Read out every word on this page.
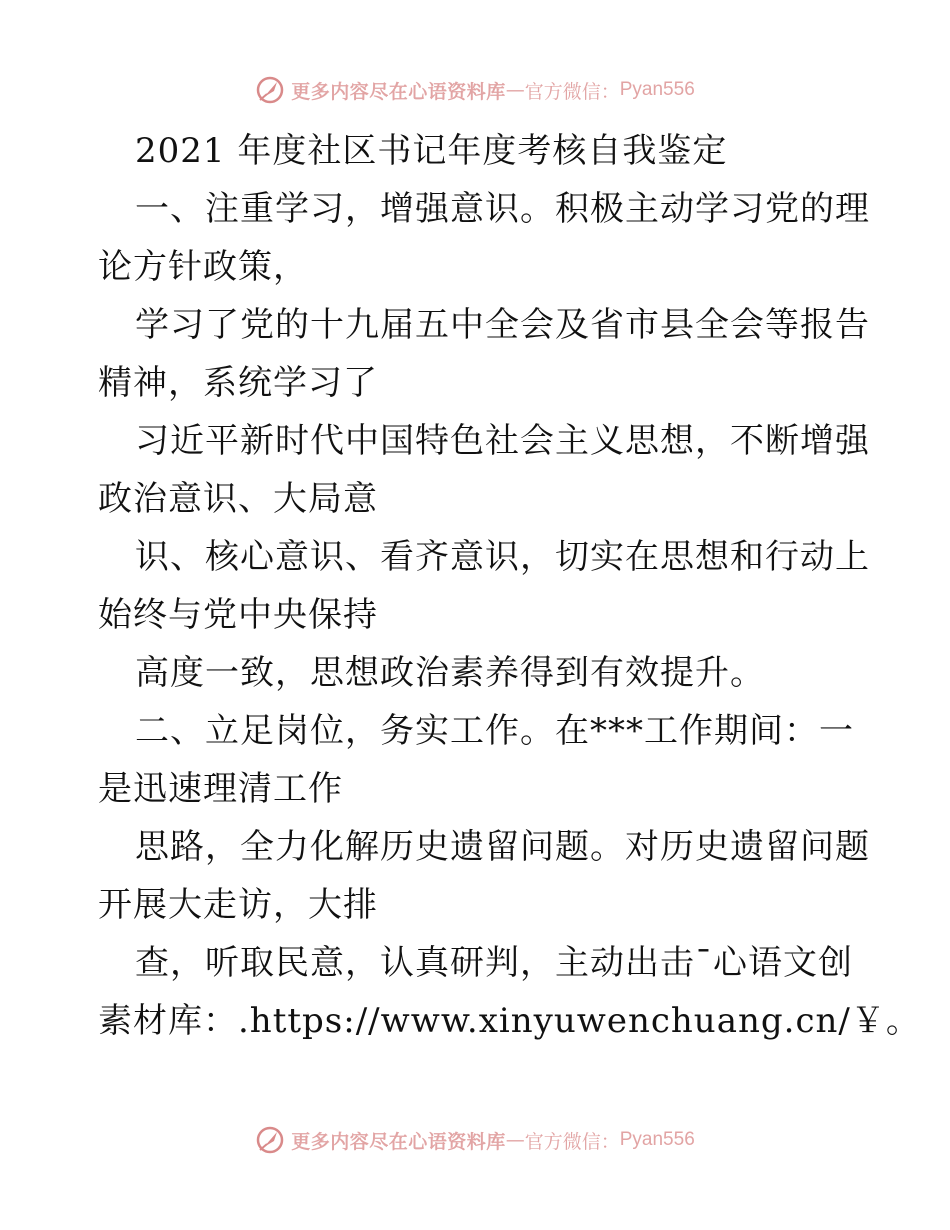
更多内容尽在心语资料库 — 官方微信： Pyan556
2021 年度社区书记年度考核自我鉴定
一、注重学习，增强意识。积极主动学习党的理
论方针政策，
学习了党的十九届五中全会及省市县全会等报告
精神，系统学习了
习近平新时代中国特色社会主义思想，不断增强
政治意识、大局意
识、核心意识、看齐意识，切实在思想和行动上
始终与党中央保持
高度一致，思想政治素养得到有效提升。
二、立足岗位，务实工作。在***工作期间：一
是迅速理清工作
思路，全力化解历史遗留问题。对历史遗留问题
开展大走访，大排
查，听取民意，认真研判，主动出击¯心语文创
素材库：.https://www.xinyuwenchuang.cn/￥。
更多内容尽在心语资料库 — 官方微信： Pyan556
